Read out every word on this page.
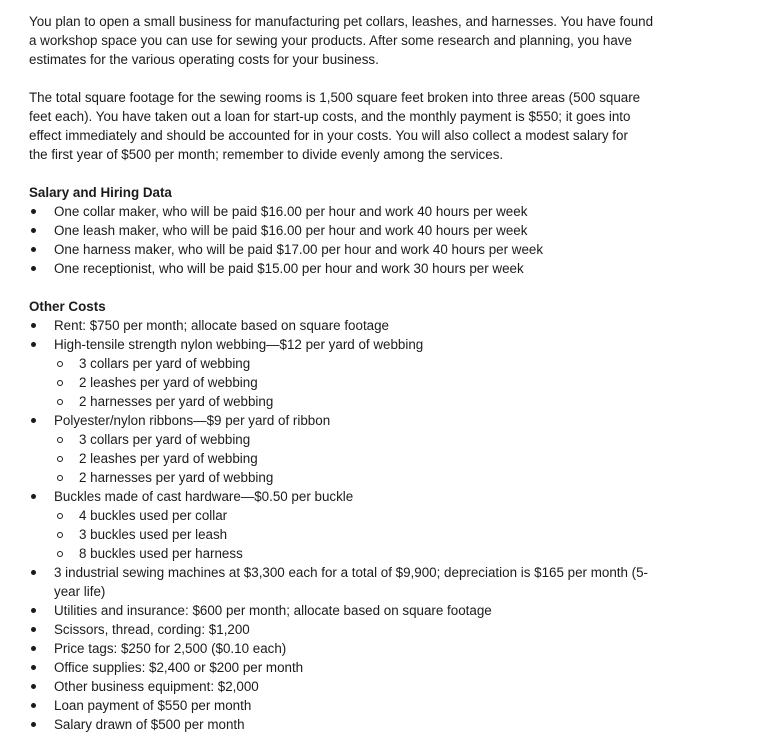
You plan to open a small business for manufacturing pet collars, leashes, and harnesses. You have found
a workshop space you can use for sewing your products. After some research and planning, you have
estimates for the various operating costs for your business.

The total square footage for the sewing rooms is 1,500 square feet broken into three areas (500 square
feet each). You have taken out a loan for start-up costs, and the monthly payment is $550; it goes into
effect immediately and should be accounted for in your costs. You will also collect a modest salary for
the first year of $500 per month; remember to divide evenly among the services.

Salary and Hiring Data

One collar maker, who will be paid $16.00 per hour and work 40 hours per week
One leash maker, who will be paid $16.00 per hour and work 40 hours per week
One harness maker, who will be paid $17.00 per hour and work 40 hours per week
One receptionist, who will be paid $15.00 per hour and work 30 hours per week

Other Costs

Rent: $750 per month; allocate based on square footage
High-tensile strength nylon webbing—$12 per yard of webbing
3 collars per yard of webbing
2 leashes per yard of webbing
2 harnesses per yard of webbing
Polyester/nylon ribbons—$9 per yard of ribbon
3 collars per yard of webbing
2 leashes per yard of webbing
2 harnesses per yard of webbing
Buckles made of cast hardware—$0.50 per buckle
4 buckles used per collar
3 buckles used per leash
8 buckles used per harness
3 industrial sewing machines at $3,300 each for a total of $9,900; depreciation is $165 per month (5-
year life)
Utilities and insurance: $600 per month; allocate based on square footage
Scissors, thread, cording: $1,200
Price tags: $250 for 2,500 ($0.10 each)
Office supplies: $2,400 or $200 per month
Other business equipment: $2,000
Loan payment of $550 per month
Salary drawn of $500 per month
